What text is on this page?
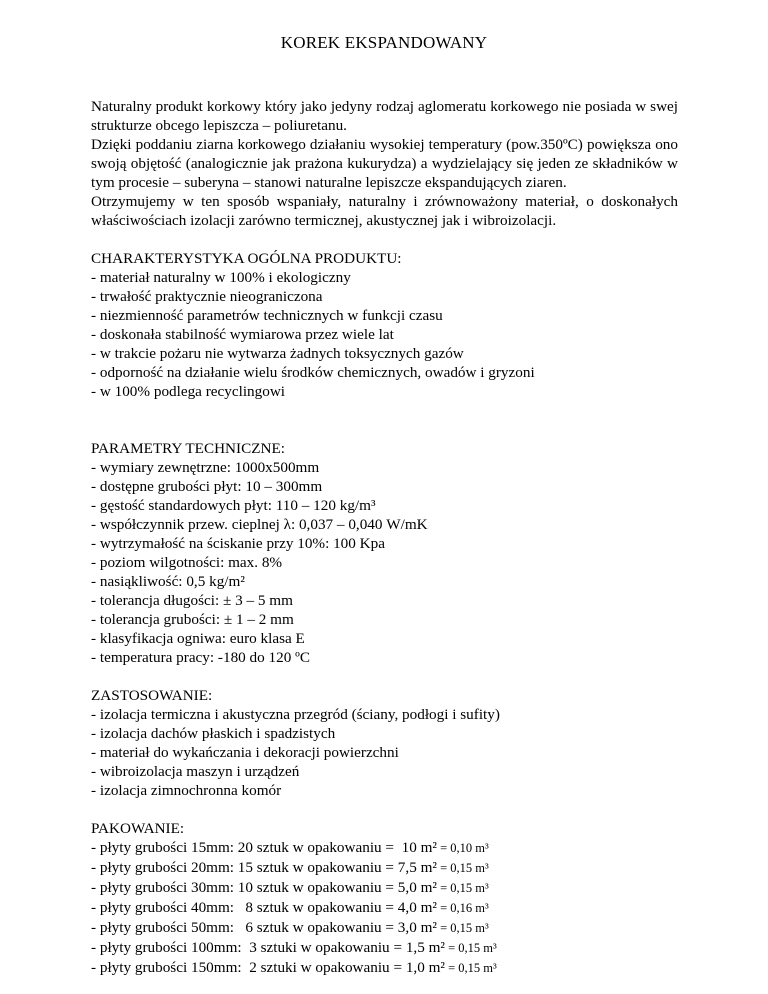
KOREK EKSPANDOWANY

Naturalny produkt korkowy który jako jedyny rodzaj aglomeratu korkowego nie posiada w swej strukturze obcego lepiszcza – poliuretanu.

Dzięki poddaniu ziarna korkowego działaniu wysokiej temperatury (pow.350ºC) powiększa ono swoją objętość (analogicznie jak prażona kukurydza) a wydzielający się jeden ze składników w tym procesie – suberyna – stanowi naturalne lepiszcze ekspandujących ziaren.

Otrzymujemy w ten sposób wspaniały, naturalny i zrównoważony materiał, o doskonałych właściwościach izolacji zarówno termicznej, akustycznej jak i wibroizolacji.

CHARAKTERYSTYKA OGÓLNA PRODUKTU:
- materiał naturalny w 100% i ekologiczny
- trwałość praktycznie nieograniczona
- niezmienność parametrów technicznych w funkcji czasu
- doskonała stabilność wymiarowa przez wiele lat
- w trakcie pożaru nie wytwarza żadnych toksycznych gazów
- odporność na działanie wielu środków chemicznych, owadów i gryzoni
- w 100% podlega recyclingowi
PARAMETRY TECHNICZNE:
- wymiary zewnętrzne: 1000x500mm
- dostępne grubości płyt: 10 – 300mm
- gęstość standardowych płyt: 110 – 120 kg/m³
- współczynnik przew. cieplnej λ: 0,037 – 0,040 W/mK
- wytrzymałość na ściskanie przy 10%: 100 Kpa
- poziom wilgotności: max. 8%
- nasiąkliwość: 0,5 kg/m²
- tolerancja długości: ± 3 – 5 mm
- tolerancja grubości: ± 1 – 2 mm
- klasyfikacja ogniwa: euro klasa E
- temperatura pracy: -180 do 120 ºC
ZASTOSOWANIE:
- izolacja termiczna i akustyczna przegród (ściany, podłogi i sufity)
- izolacja dachów płaskich i spadzistych
- materiał do wykańczania i dekoracji powierzchni
- wibroizolacja maszyn i urządzeń
- izolacja zimnochronna komór
PAKOWANIE:
- płyty grubości 15mm: 20 sztuk w opakowaniu =  10 m² = 0,10 m³
- płyty grubości 20mm: 15 sztuk w opakowaniu = 7,5 m² = 0,15 m³
- płyty grubości 30mm: 10 sztuk w opakowaniu = 5,0 m² = 0,15 m³
- płyty grubości 40mm:   8 sztuk w opakowaniu = 4,0 m² = 0,16 m³
- płyty grubości 50mm:   6 sztuk w opakowaniu = 3,0 m² = 0,15 m³
- płyty grubości 100mm:  3 sztuki w opakowaniu = 1,5 m² = 0,15 m³
- płyty grubości 150mm:  2 sztuki w opakowaniu = 1,0 m² = 0,15 m³
